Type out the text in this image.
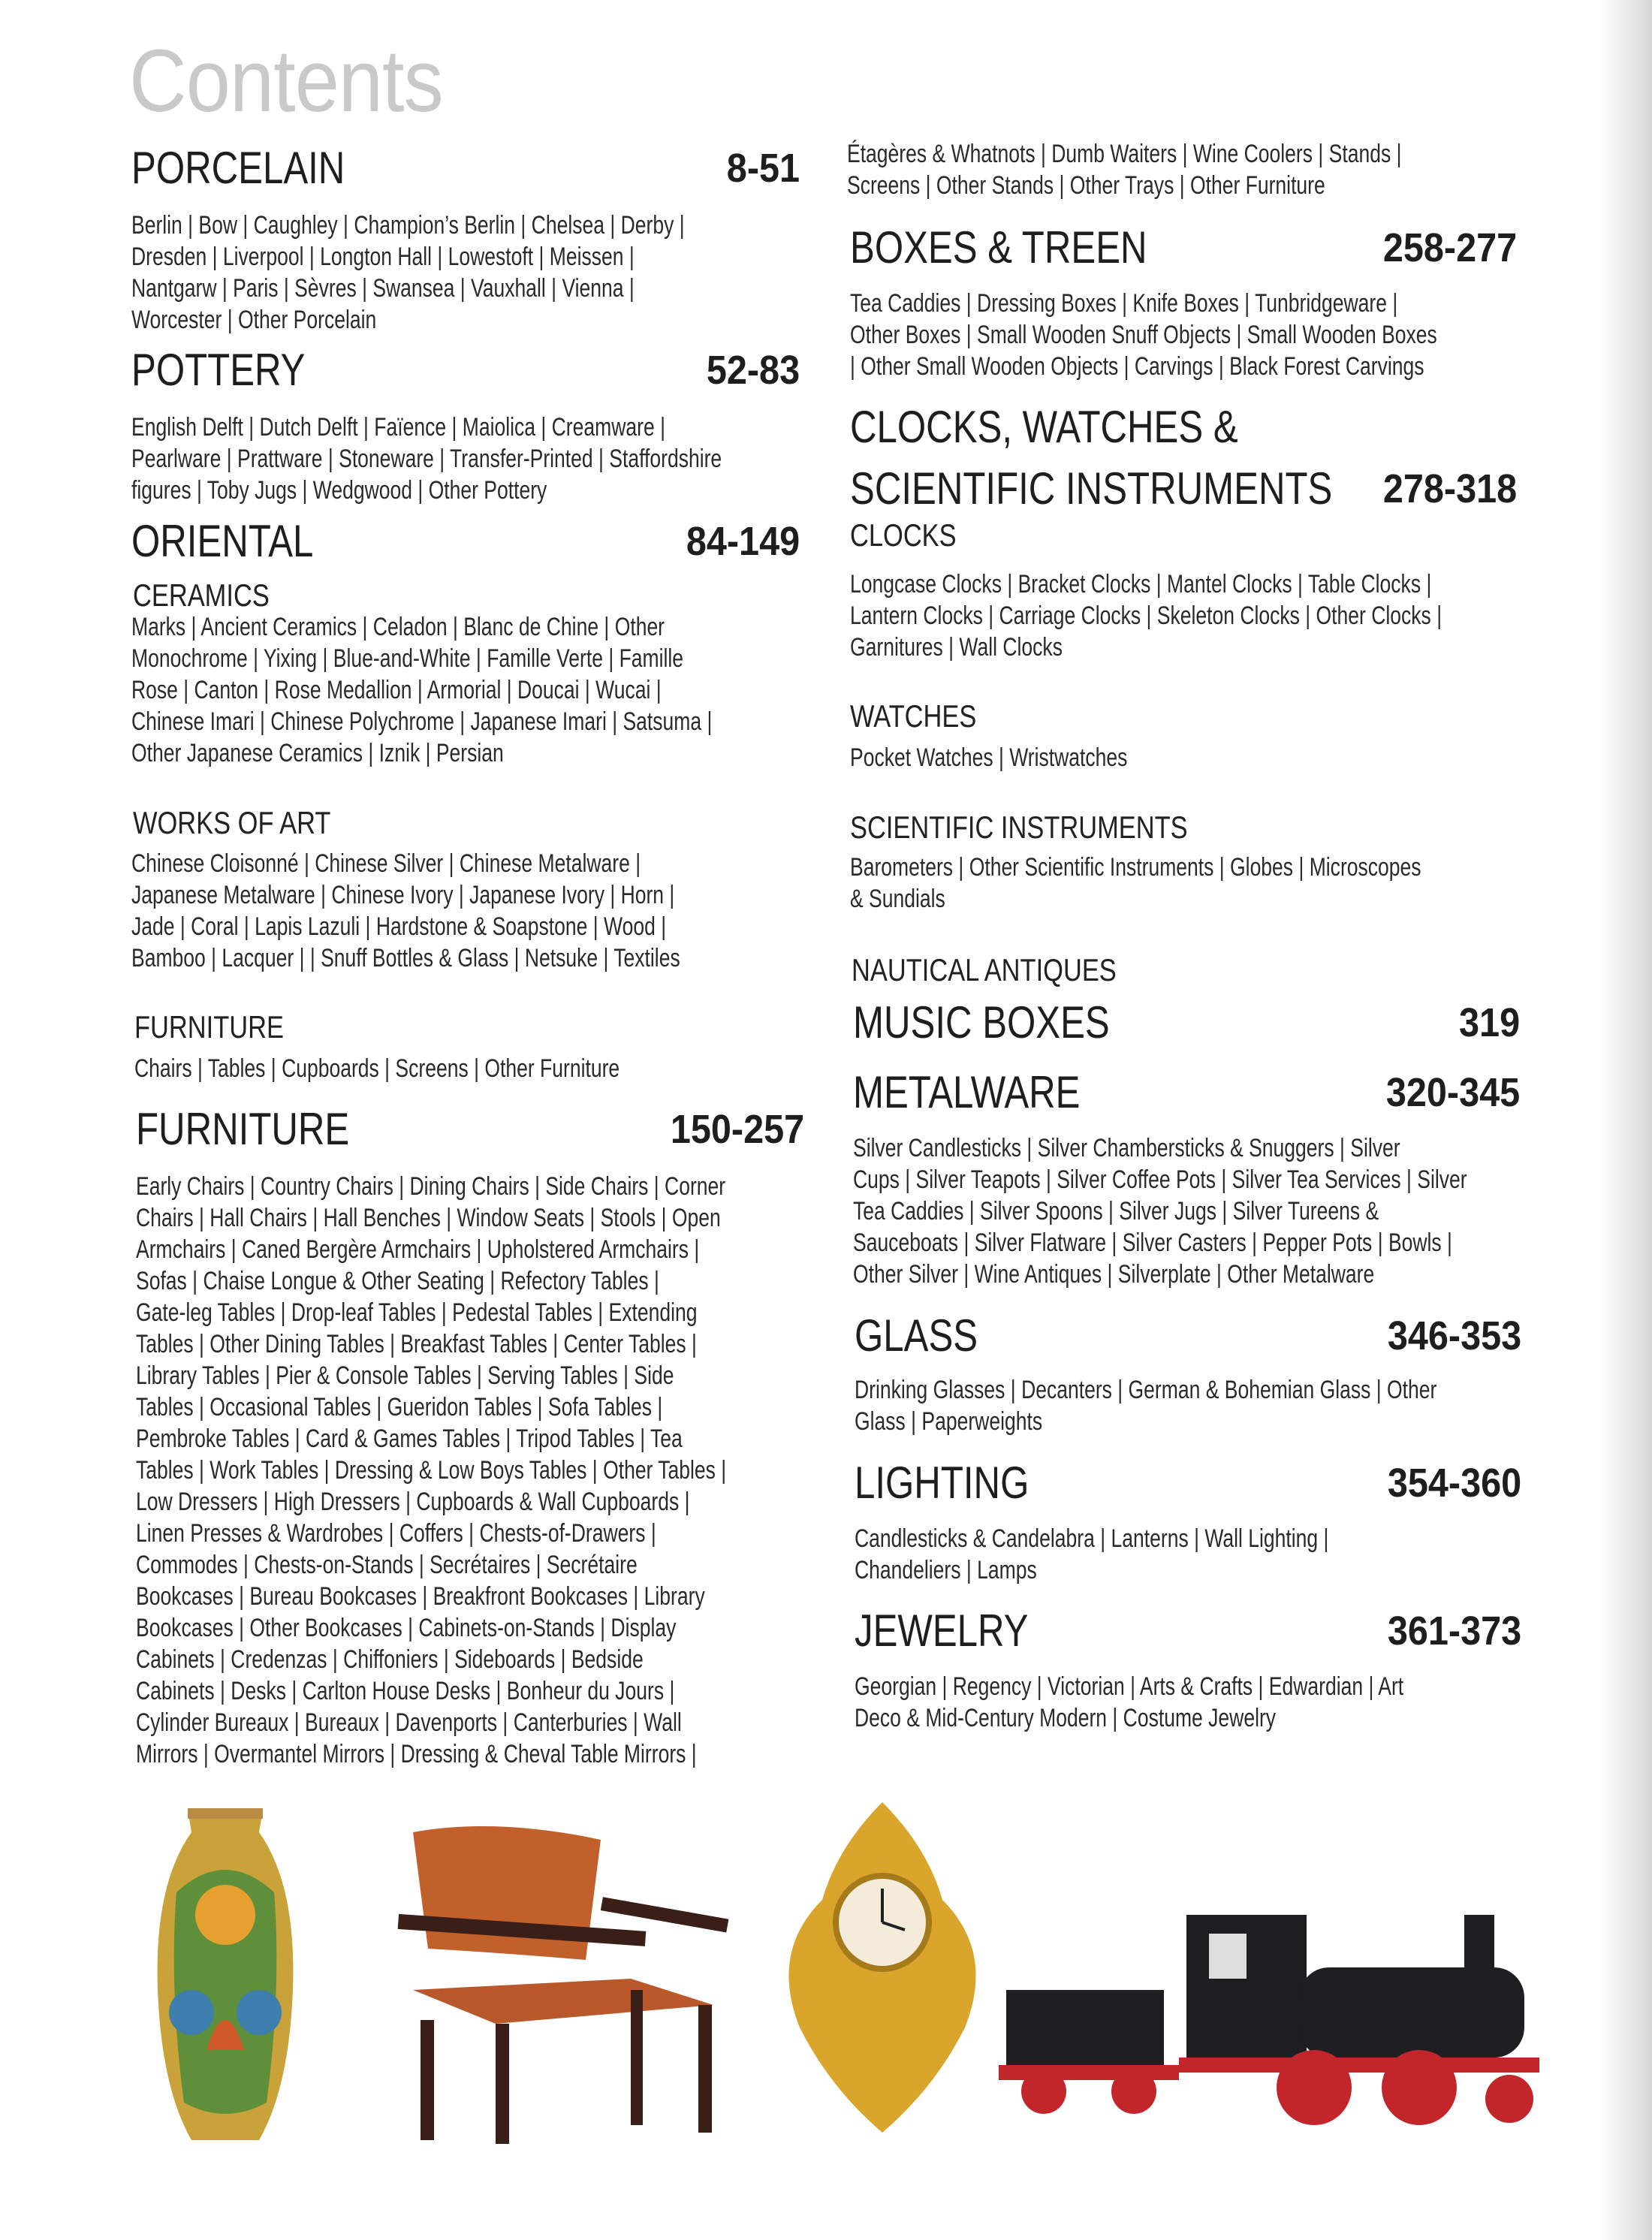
Contents
PORCELAIN	8-51
Berlin | Bow | Caughley | Champion’s Berlin | Chelsea | Derby |
Dresden | Liverpool | Longton Hall | Lowestoft | Meissen |
Nantgarw | Paris | Sèvres | Swansea | Vauxhall | Vienna |
Worcester | Other Porcelain
POTTERY	52-83
English Delft | Dutch Delft | Faïence | Maiolica | Creamware |
Pearlware | Prattware | Stoneware | Transfer-Printed | Staffordshire
figures | Toby Jugs | Wedgwood | Other Pottery
ORIENTAL	84-149
CERAMICS
Marks | Ancient Ceramics | Celadon | Blanc de Chine | Other
Monochrome | Yixing | Blue-and-White | Famille Verte | Famille
Rose | Canton | Rose Medallion | Armorial | Doucai | Wucai |
Chinese Imari | Chinese Polychrome | Japanese Imari | Satsuma |
Other Japanese Ceramics | Iznik | Persian
WORKS OF ART
Chinese Cloisonné | Chinese Silver | Chinese Metalware |
Japanese Metalware | Chinese Ivory | Japanese Ivory | Horn |
Jade | Coral | Lapis Lazuli | Hardstone & Soapstone | Wood |
Bamboo | Lacquer | | Snuff Bottles & Glass | Netsuke | Textiles
FURNITURE
Chairs | Tables | Cupboards | Screens | Other Furniture
FURNITURE	150-257
Early Chairs | Country Chairs | Dining Chairs | Side Chairs | Corner
Chairs | Hall Chairs | Hall Benches | Window Seats | Stools | Open
Armchairs | Caned Bergère Armchairs | Upholstered Armchairs |
Sofas | Chaise Longue & Other Seating | Refectory Tables |
Gate-leg Tables | Drop-leaf Tables | Pedestal Tables | Extending
Tables | Other Dining Tables | Breakfast Tables | Center Tables |
Library Tables | Pier & Console Tables | Serving Tables | Side
Tables | Occasional Tables | Gueridon Tables | Sofa Tables |
Pembroke Tables | Card & Games Tables | Tripod Tables | Tea
Tables | Work Tables | Dressing & Low Boys Tables | Other Tables |
Low Dressers | High Dressers | Cupboards & Wall Cupboards |
Linen Presses & Wardrobes | Coffers | Chests-of-Drawers |
Commodes | Chests-on-Stands | Secrétaires | Secrétaire
Bookcases | Bureau Bookcases | Breakfront Bookcases | Library
Bookcases | Other Bookcases | Cabinets-on-Stands | Display
Cabinets | Credenzas | Chiffoniers | Sideboards | Bedside
Cabinets | Desks | Carlton House Desks | Bonheur du Jours |
Cylinder Bureaux | Bureaux | Davenports | Canterburies | Wall
Mirrors | Overmantel Mirrors | Dressing & Cheval Table Mirrors |
Étagères & Whatnots | Dumb Waiters | Wine Coolers | Stands |
Screens | Other Stands | Other Trays | Other Furniture
BOXES & TREEN	258-277
Tea Caddies | Dressing Boxes | Knife Boxes | Tunbridgeware |
Other Boxes | Small Wooden Snuff Objects | Small Wooden Boxes
| Other Small Wooden Objects | Carvings | Black Forest Carvings
CLOCKS, WATCHES &
SCIENTIFIC INSTRUMENTS 278-318
CLOCKS
Longcase Clocks | Bracket Clocks | Mantel Clocks | Table Clocks |
Lantern Clocks | Carriage Clocks | Skeleton Clocks | Other Clocks |
Garnitures | Wall Clocks
WATCHES
Pocket Watches | Wristwatches
SCIENTIFIC INSTRUMENTS
Barometers | Other Scientific Instruments | Globes | Microscopes
& Sundials
NAUTICAL ANTIQUES
MUSIC BOXES	319
METALWARE	320-345
Silver Candlesticks | Silver Chambersticks & Snuggers | Silver
Cups | Silver Teapots | Silver Coffee Pots | Silver Tea Services | Silver
Tea Caddies | Silver Spoons | Silver Jugs | Silver Tureens &
Sauceboats | Silver Flatware | Silver Casters | Pepper Pots | Bowls |
Other Silver | Wine Antiques | Silverplate | Other Metalware
GLASS	346-353
Drinking Glasses | Decanters | German & Bohemian Glass | Other
Glass | Paperweights
LIGHTING	354-360
Candlesticks & Candelabra | Lanterns | Wall Lighting |
Chandeliers | Lamps
JEWELRY	361-373
Georgian | Regency | Victorian | Arts & Crafts | Edwardian | Art
Deco & Mid-Century Modern | Costume Jewelry
